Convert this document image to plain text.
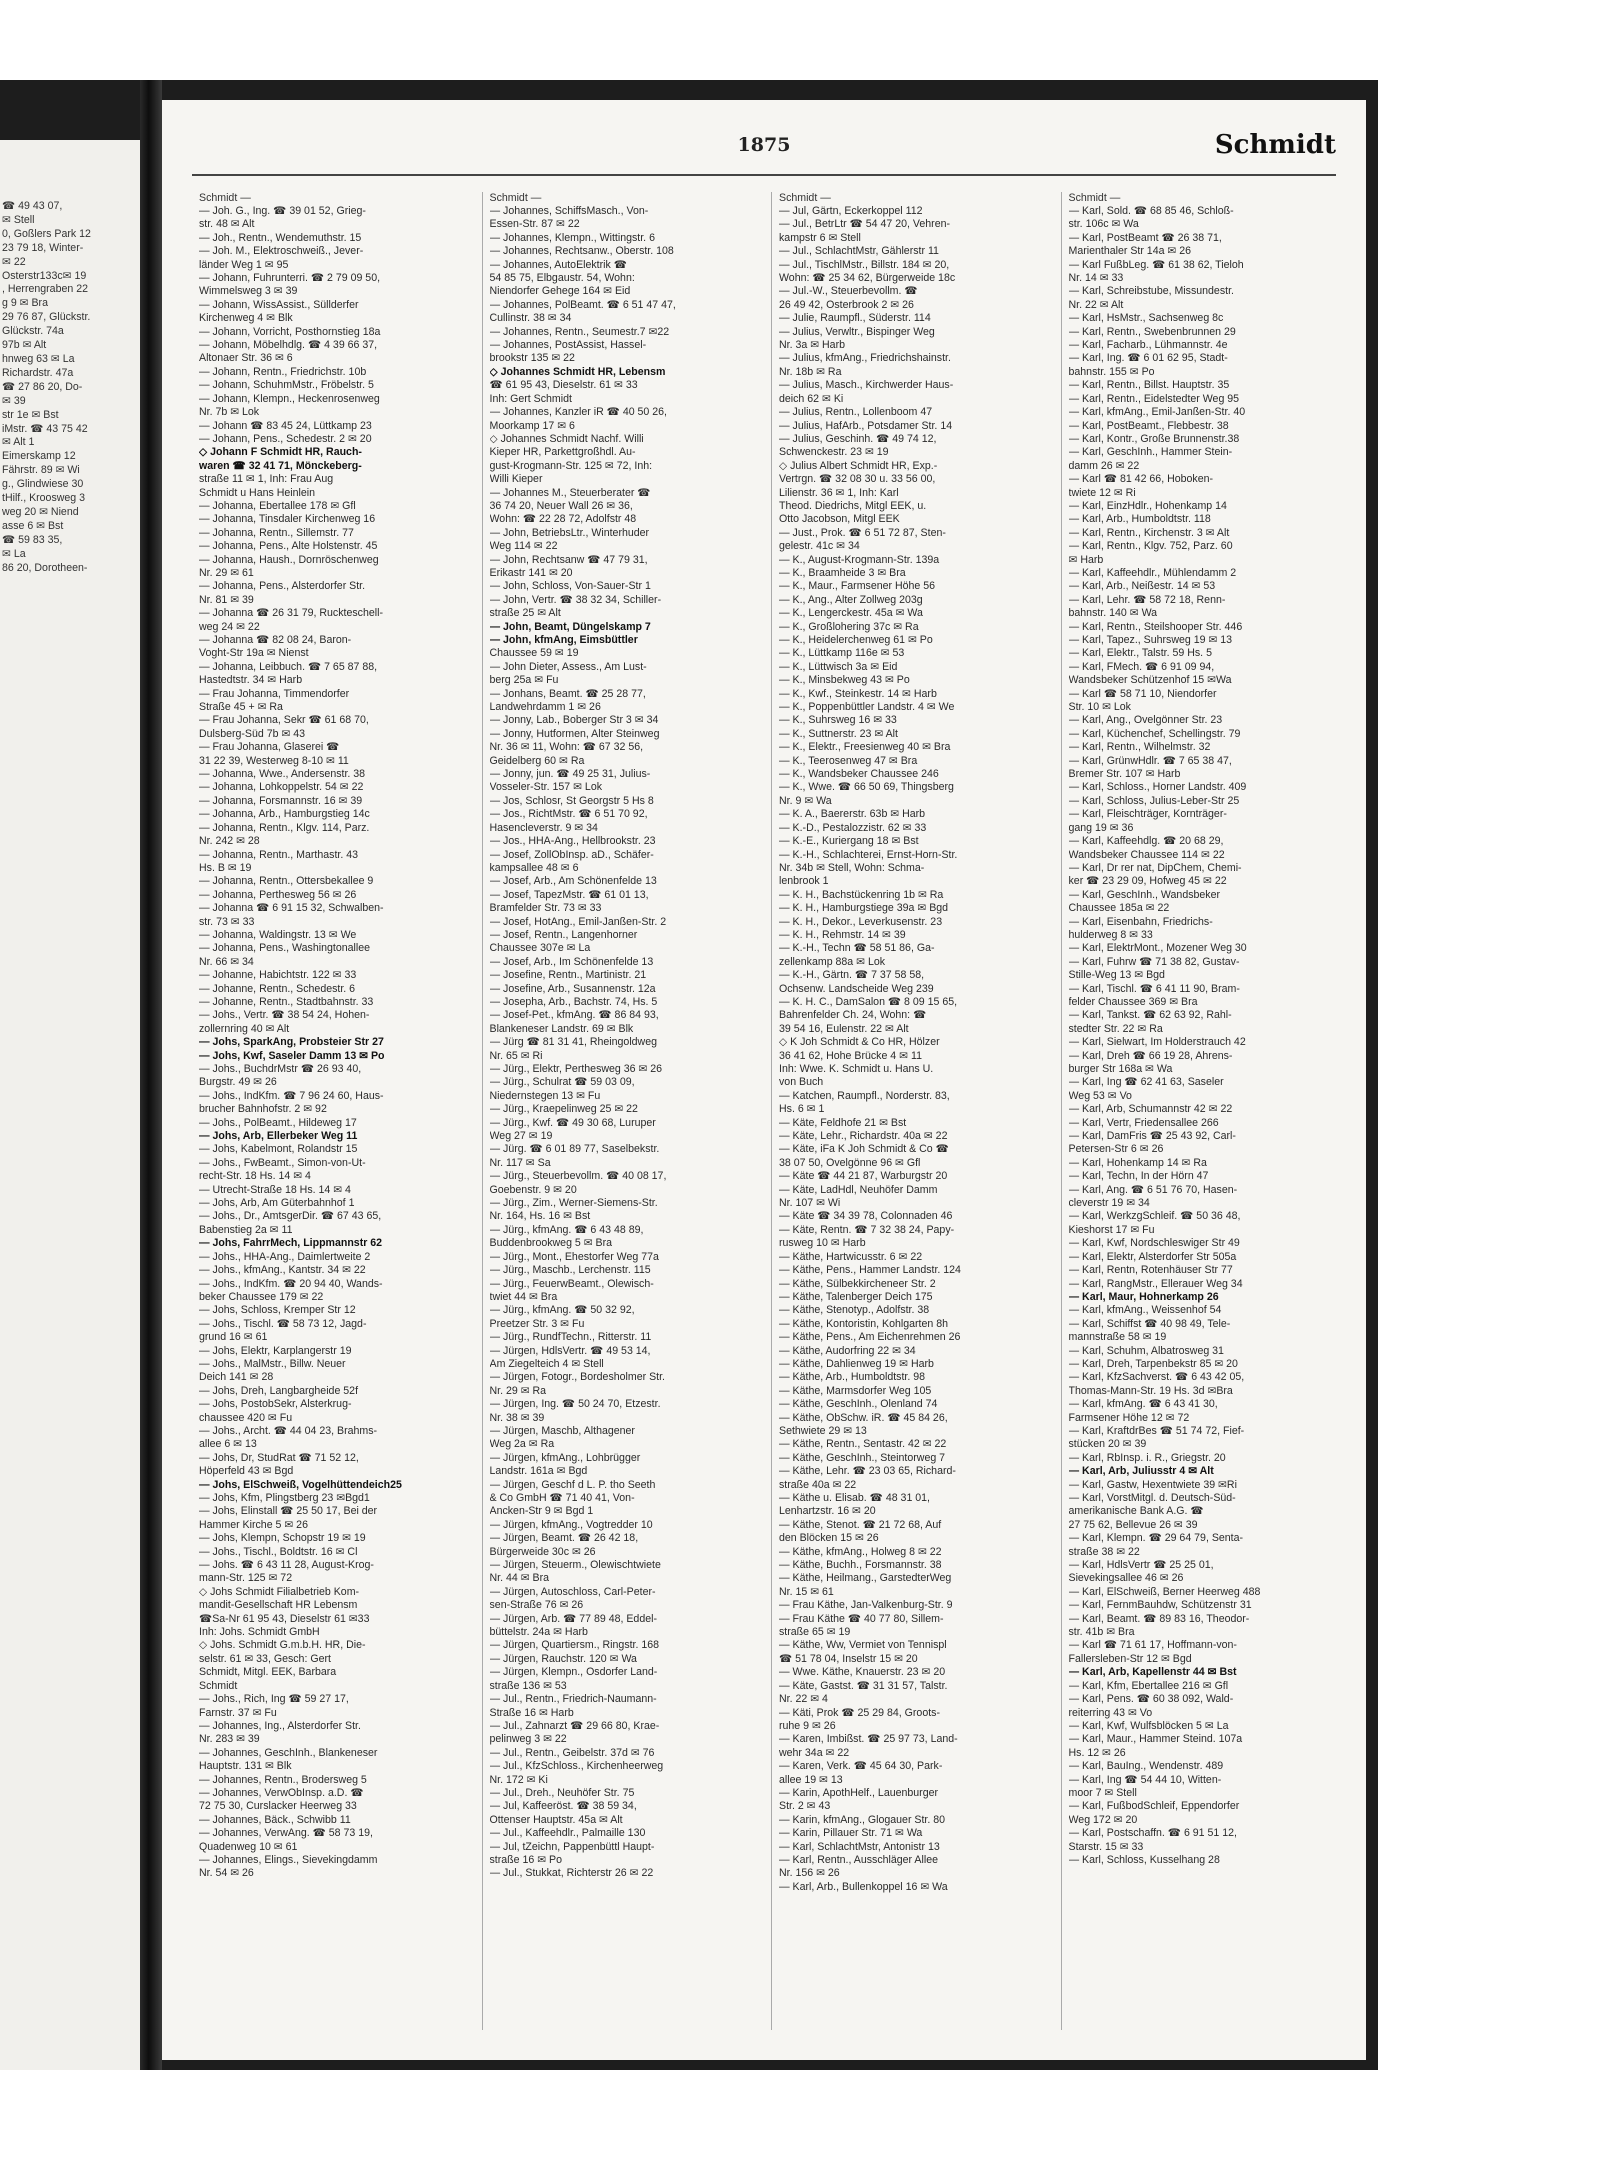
☎ 49 43 07,
✉ Stell
0, Goßlers Park 12
23 79 18, Winter-
✉ 22
Osterstr133c✉ 19
, Herrengraben 22
g 9 ✉ Bra
29 76 87, Glückstr.
Glückstr. 74a
97b ✉ Alt
hnweg 63 ✉ La
Richardstr. 47a
☎ 27 86 20, Do-
✉ 39
str 1e ✉ Bst
iMstr. ☎ 43 75 42
✉ Alt 1
Eimerskamp 12
Fährstr. 89 ✉ Wi
g., Glindwiese 30
tHilf., Kroosweg 3
weg 20 ✉ Niend
asse 6 ✉ Bst
☎ 59 83 35,
✉ La
86 20, Dorotheen-
1875	Schmidt
Schmidt —
— Joh. G., Ing. ☎ 39 01 52, Grieg-
str. 48 ✉ Alt
— Joh., Rentn., Wendemuthstr. 15
— Joh. M., Elektroschweiß., Jever-
länder Weg 1 ✉ 95
— Johann, Fuhrunterri. ☎ 2 79 09 50,
Wimmelsweg 3 ✉ 39
— Johann, WissAssist., Süllderfer
Kirchenweg 4 ✉ Blk
— Johann, Vorricht, Posthornstieg 18a
— Johann, Möbelhdlg. ☎ 4 39 66 37,
Altonaer Str. 36 ✉ 6
— Johann, Rentn., Friedrichstr. 10b
— Johann, SchuhmMstr., Fröbelstr. 5
— Johann, Klempn., Heckenrosenweg
Nr. 7b ✉ Lok
— Johann ☎ 83 45 24, Lüttkamp 23
— Johann, Pens., Schedestr. 2 ✉ 20
◇ Johann F Schmidt HR, Rauch-
waren ☎ 32 41 71, Mönckeberg-
straße 11 ✉ 1, Inh: Frau Aug
Schmidt u Hans Heinlein
— Johanna, Ebertallee 178 ✉ Gfl
— Johanna, Tinsdaler Kirchenweg 16
— Johanna, Rentn., Sillemstr. 77
— Johanna, Pens., Alte Holstenstr. 45
— Johanna, Haush., Dornröschenweg
Nr. 29 ✉ 61
— Johanna, Pens., Alsterdorfer Str.
Nr. 81 ✉ 39
— Johanna ☎ 26 31 79, Ruckteschell-
weg 24 ✉ 22
— Johanna ☎ 82 08 24, Baron-
Voght-Str 19a ✉ Nienst
— Johanna, Leibbuch. ☎ 7 65 87 88,
Hastedtstr. 34 ✉ Harb
— Frau Johanna, Timmendorfer
Straße 45 + ✉ Ra
— Frau Johanna, Sekr ☎ 61 68 70,
Dulsberg-Süd 7b ✉ 43
— Frau Johanna, Glaserei ☎
31 22 39, Westerweg 8-10 ✉ 11
— Johanna, Wwe., Andersenstr. 38
— Johanna, Lohkoppelstr. 54 ✉ 22
— Johanna, Forsmannstr. 16 ✉ 39
— Johanna, Arb., Hamburgstieg 14c
— Johanna, Rentn., Klgv. 114, Parz.
Nr. 242 ✉ 28
— Johanna, Rentn., Marthastr. 43
Hs. B ✉ 19
— Johanna, Rentn., Ottersbekallee 9
— Johanna, Perthesweg 56 ✉ 26
— Johanna ☎ 6 91 15 32, Schwalben-
str. 73 ✉ 33
— Johanna, Waldingstr. 13 ✉ We
— Johanna, Pens., Washingtonallee
Nr. 66 ✉ 34
— Johanne, Habichtstr. 122 ✉ 33
— Johanne, Rentn., Schedestr. 6
— Johanne, Rentn., Stadtbahnstr. 33
— Johs., Vertr. ☎ 38 54 24, Hohen-
zollernring 40 ✉ Alt
— Johs, SparkAng, Probsteier Str 27
— Johs, Kwf, Saseler Damm 13 ✉ Po
— Johs., BuchdrMstr ☎ 26 93 40,
Burgstr. 49 ✉ 26
— Johs., IndKfm. ☎ 7 96 24 60, Haus-
brucher Bahnhofstr. 2 ✉ 92
— Johs., PolBeamt., Hildeweg 17
— Johs, Arb, Ellerbeker Weg 11
— Johs, Kabelmont, Rolandstr 15
— Johs., FwBeamt., Simon-von-Ut-
recht-Str. 18 Hs. 14 ✉ 4
— Utrecht-Straße 18 Hs. 14 ✉ 4
— Johs, Arb, Am Güterbahnhof 1
— Johs., Dr., AmtsgerDir. ☎ 67 43 65,
Babenstieg 2a ✉ 11
— Johs, FahrrMech, Lippmannstr 62
— Johs., HHA-Ang., Daimlertweite 2
— Johs., kfmAng., Kantstr. 34 ✉ 22
— Johs., IndKfm. ☎ 20 94 40, Wands-
beker Chaussee 179 ✉ 22
— Johs, Schloss, Kremper Str 12
— Johs., Tischl. ☎ 58 73 12, Jagd-
grund 16 ✉ 61
— Johs, Elektr, Karplangerstr 19
— Johs., MalMstr., Billw. Neuer
Deich 141 ✉ 28
— Johs, Dreh, Langbargheide 52f
— Johs, PostobSekr, Alsterkrug-
chaussee 420 ✉ Fu
— Johs., Archt. ☎ 44 04 23, Brahms-
allee 6 ✉ 13
— Johs, Dr, StudRat ☎ 71 52 12,
Höperfeld 43 ✉ Bgd
— Johs, ElSchweiß, Vogelhüttendeich25
— Johs, Kfm, Plingstberg 23 ✉Bgd1
— Johs, Elinstall ☎ 25 50 17, Bei der
Hammer Kirche 5 ✉ 26
— Johs, Klempn, Schopstr 19 ✉ 19
— Johs., Tischl., Boldtstr. 16 ✉ Cl
— Johs. ☎ 6 43 11 28, August-Krog-
mann-Str. 125 ✉ 72
◇ Johs Schmidt Filialbetrieb Kom-
mandit-Gesellschaft HR Lebensm
☎Sa-Nr 61 95 43, Dieselstr 61 ✉33
Inh: Johs. Schmidt GmbH
◇ Johs. Schmidt G.m.b.H. HR, Die-
selstr. 61 ✉ 33, Gesch: Gert
Schmidt, Mitgl. EEK, Barbara
Schmidt
— Johs., Rich, Ing ☎ 59 27 17,
Farnstr. 37 ✉ Fu
— Johannes, Ing., Alsterdorfer Str.
Nr. 283 ✉ 39
— Johannes, GeschInh., Blankeneser
Hauptstr. 131 ✉ Blk
— Johannes, Rentn., Brodersweg 5
— Johannes, VerwObInsp. a.D. ☎
72 75 30, Curslacker Heerweg 33
— Johannes, Bäck., Schwibb 11
— Johannes, VerwAng. ☎ 58 73 19,
Quadenweg 10 ✉ 61
— Johannes, Elings., Sievekingdamm
Nr. 54 ✉ 26
Schmidt —
— Johannes, SchiffsMasch., Von-
Essen-Str. 87 ✉ 22
— Johannes, Klempn., Wittingstr. 6
— Johannes, Rechtsanw., Oberstr. 108
— Johannes, AutoElektrik ☎
54 85 75, Elbgaustr. 54, Wohn:
Niendorfer Gehege 164 ✉ Eid
— Johannes, PolBeamt. ☎ 6 51 47 47,
Cullinstr. 38 ✉ 34
— Johannes, Rentn., Seumestr.7 ✉22
— Johannes, PostAssist, Hassel-
brookstr 135 ✉ 22
◇ Johannes Schmidt HR, Lebensm
☎ 61 95 43, Dieselstr. 61 ✉ 33
Inh: Gert Schmidt
— Johannes, Kanzler iR ☎ 40 50 26,
Moorkamp 17 ✉ 6
◇ Johannes Schmidt Nachf. Willi
Kieper HR, Parkettgroßhdl. Au-
gust-Krogmann-Str. 125 ✉ 72, Inh:
Willi Kieper
— Johannes M., Steuerberater ☎
36 74 20, Neuer Wall 26 ✉ 36,
Wohn: ☎ 22 28 72, Adolfstr 48
— John, BetriebsLtr., Winterhuder
Weg 114 ✉ 22
— John, Rechtsanw ☎ 47 79 31,
Erikastr 141 ✉ 20
— John, Schloss, Von-Sauer-Str 1
— John, Vertr. ☎ 38 32 34, Schiller-
straße 25 ✉ Alt
— John, Beamt, Düngelskamp 7
— John, kfmAng, Eimsbüttler
Chaussee 59 ✉ 19
— John Dieter, Assess., Am Lust-
berg 25a ✉ Fu
— Jonhans, Beamt. ☎ 25 28 77,
Landwehrdamm 1 ✉ 26
— Jonny, Lab., Boberger Str 3 ✉ 34
— Jonny, Hutformen, Alter Steinweg
Nr. 36 ✉ 11, Wohn: ☎ 67 32 56,
Geidelberg 60 ✉ Ra
— Jonny, jun. ☎ 49 25 31, Julius-
Vosseler-Str. 157 ✉ Lok
— Jos, Schlosr, St Georgstr 5 Hs 8
— Jos., RichtMstr. ☎ 6 51 70 92,
Hasencleverstr. 9 ✉ 34
— Jos., HHA-Ang., Hellbrookstr. 23
— Josef, ZollObInsp. aD., Schäfer-
kampsallee 48 ✉ 6
— Josef, Arb., Am Schönenfelde 13
— Josef, TapezMstr. ☎ 61 01 13,
Bramfelder Str. 73 ✉ 33
— Josef, HotAng., Emil-Janßen-Str. 2
— Josef, Rentn., Langenhorner
Chaussee 307e ✉ La
— Josef, Arb., Im Schönenfelde 13
— Josefine, Rentn., Martinistr. 21
— Josefine, Arb., Susannenstr. 12a
— Josepha, Arb., Bachstr. 74, Hs. 5
— Josef-Pet., kfmAng. ☎ 86 84 93,
Blankeneser Landstr. 69 ✉ Blk
— Jürg ☎ 81 31 41, Rheingoldweg
Nr. 65 ✉ Ri
— Jürg., Elektr, Perthesweg 36 ✉ 26
— Jürg., Schulrat ☎ 59 03 09,
Niedernstegen 13 ✉ Fu
— Jürg., Kraepelinweg 25 ✉ 22
— Jürg., Kwf. ☎ 49 30 68, Luruper
Weg 27 ✉ 19
— Jürg. ☎ 6 01 89 77, Saselbekstr.
Nr. 117 ✉ Sa
— Jürg., Steuerbevollm. ☎ 40 08 17,
Goebenstr. 9 ✉ 20
— Jürg., Zim., Werner-Siemens-Str.
Nr. 164, Hs. 16 ✉ Bst
— Jürg., kfmAng. ☎ 6 43 48 89,
Buddenbrookweg 5 ✉ Bra
— Jürg., Mont., Ehestorfer Weg 77a
— Jürg., Maschb., Lerchenstr. 115
— Jürg., FeuerwBeamt., Olewisch-
twiet 44 ✉ Bra
— Jürg., kfmAng. ☎ 50 32 92,
Preetzer Str. 3 ✉ Fu
— Jürg., RundfTechn., Ritterstr. 11
— Jürgen, HdlsVertr. ☎ 49 53 14,
Am Ziegelteich 4 ✉ Stell
— Jürgen, Fotogr., Bordesholmer Str.
Nr. 29 ✉ Ra
— Jürgen, Ing. ☎ 50 24 70, Etzestr.
Nr. 38 ✉ 39
— Jürgen, Maschb, Althagener
Weg 2a ✉ Ra
— Jürgen, kfmAng., Lohbrügger
Landstr. 161a ✉ Bgd
— Jürgen, Geschf d L. P. tho Seeth
& Co GmbH ☎ 71 40 41, Von-
Ancken-Str 9 ✉ Bgd 1
— Jürgen, kfmAng., Vogtredder 10
— Jürgen, Beamt. ☎ 26 42 18,
Bürgerweide 30c ✉ 26
— Jürgen, Steuerm., Olewischtwiete
Nr. 44 ✉ Bra
— Jürgen, Autoschloss, Carl-Peter-
sen-Straße 76 ✉ 26
— Jürgen, Arb. ☎ 77 89 48, Eddel-
büttelstr. 24a ✉ Harb
— Jürgen, Quartiersm., Ringstr. 168
— Jürgen, Rauchstr. 120 ✉ Wa
— Jürgen, Klempn., Osdorfer Land-
straße 136 ✉ 53
— Jul., Rentn., Friedrich-Naumann-
Straße 16 ✉ Harb
— Jul., Zahnarzt ☎ 29 66 80, Krae-
pelinweg 3 ✉ 22
— Jul., Rentn., Geibelstr. 37d ✉ 76
— Jul., KfzSchloss., Kirchenheerweg
Nr. 172 ✉ Ki
— Jul., Dreh., Neuhöfer Str. 75
— Jul, Kaffeeröst. ☎ 38 59 34,
Ottenser Hauptstr. 45a ✉ Alt
— Jul., Kaffeehdlr., Palmaille 130
— Jul, tZeichn, Pappenbüttl Haupt-
straße 16 ✉ Po
— Jul., Stukkat, Richterstr 26 ✉ 22
Schmidt —
— Jul, Gärtn, Eckerkoppel 112
— Jul., BetrLtr ☎ 54 47 20, Vehren-
kampstr 6 ✉ Stell
— Jul., SchlachtMstr, Gählerstr 11
— Jul., TischlMstr., Billstr. 184 ✉ 20,
Wohn: ☎ 25 34 62, Bürgerweide 18c
— Jul.-W., Steuerbevollm. ☎
26 49 42, Osterbrook 2 ✉ 26
— Julie, Raumpfl., Süderstr. 114
— Julius, Verwltr., Bispinger Weg
Nr. 3a ✉ Harb
— Julius, kfmAng., Friedrichshainstr.
Nr. 18b ✉ Ra
— Julius, Masch., Kirchwerder Haus-
deich 62 ✉ Ki
— Julius, Rentn., Lollenboom 47
— Julius, HafArb., Potsdamer Str. 14
— Julius, Geschinh. ☎ 49 74 12,
Schwenckestr. 23 ✉ 19
◇ Julius Albert Schmidt HR, Exp.-
Vertrgn. ☎ 32 08 30 u. 33 56 00,
Lilienstr. 36 ✉ 1, Inh: Karl
Theod. Diedrichs, Mitgl EEK, u.
Otto Jacobson, Mitgl EEK
— Just., Prok. ☎ 6 51 72 87, Sten-
gelestr. 41c ✉ 34
— K., August-Krogmann-Str. 139a
— K., Braamheide 3 ✉ Bra
— K., Maur., Farmsener Höhe 56
— K., Ang., Alter Zollweg 203g
— K., Lengerckestr. 45a ✉ Wa
— K., Großlohering 37c ✉ Ra
— K., Heidelerchenweg 61 ✉ Po
— K., Lüttkamp 116e ✉ 53
— K., Lüttwisch 3a ✉ Eid
— K., Minsbekweg 43 ✉ Po
— K., Kwf., Steinkestr. 14 ✉ Harb
— K., Poppenbüttler Landstr. 4 ✉ We
— K., Suhrsweg 16 ✉ 33
— K., Suttnerstr. 23 ✉ Alt
— K., Elektr., Freesienweg 40 ✉ Bra
— K., Teerosenweg 47 ✉ Bra
— K., Wandsbeker Chaussee 246
— K., Wwe. ☎ 66 50 69, Thingsberg
Nr. 9 ✉ Wa
— K. A., Baererstr. 63b ✉ Harb
— K.-D., Pestalozzistr. 62 ✉ 33
— K.-E., Kuriergang 18 ✉ Bst
— K.-H., Schlachterei, Ernst-Horn-Str.
Nr. 34b ✉ Stell, Wohn: Schma-
lenbrook 1
— K. H., Bachstückenring 1b ✉ Ra
— K. H., Hamburgstiege 39a ✉ Bgd
— K. H., Dekor., Leverkusenstr. 23
— K. H., Rehmstr. 14 ✉ 39
— K.-H., Techn ☎ 58 51 86, Ga-
zellenkamp 88a ✉ Lok
— K.-H., Gärtn. ☎ 7 37 58 58,
Ochsenw. Landscheide Weg 239
— K. H. C., DamSalon ☎ 8 09 15 65,
Bahrenfelder Ch. 24, Wohn: ☎
39 54 16, Eulenstr. 22 ✉ Alt
◇ K Joh Schmidt & Co HR, Hölzer
36 41 62, Hohe Brücke 4 ✉ 11
Inh: Wwe. K. Schmidt u. Hans U.
von Buch
— Katchen, Raumpfl., Norderstr. 83,
Hs. 6 ✉ 1
— Käte, Feldhofe 21 ✉ Bst
— Käte, Lehr., Richardstr. 40a ✉ 22
— Käte, iFa K Joh Schmidt & Co ☎
38 07 50, Ovelgönne 96 ✉ Gfl
— Käte ☎ 44 21 87, Warburgstr 20
— Käte, LadHdl, Neuhöfer Damm
Nr. 107 ✉ Wi
— Käte ☎ 34 39 78, Colonnaden 46
— Käte, Rentn. ☎ 7 32 38 24, Papy-
rusweg 10 ✉ Harb
— Käthe, Hartwicusstr. 6 ✉ 22
— Käthe, Pens., Hammer Landstr. 124
— Käthe, Sülbekkircheneer Str. 2
— Käthe, Talenberger Deich 175
— Käthe, Stenotyp., Adolfstr. 38
— Käthe, Kontoristin, Kohlgarten 8h
— Käthe, Pens., Am Eichenrehmen 26
— Käthe, Audorfring 22 ✉ 34
— Käthe, Dahlienweg 19 ✉ Harb
— Käthe, Arb., Humboldtstr. 98
— Käthe, Marmsdorfer Weg 105
— Käthe, GeschInh., Olenland 74
— Käthe, ObSchw. iR. ☎ 45 84 26,
Sethwiete 29 ✉ 13
— Käthe, Rentn., Sentastr. 42 ✉ 22
— Käthe, GeschInh., Steintorweg 7
— Käthe, Lehr. ☎ 23 03 65, Richard-
straße 40a ✉ 22
— Käthe u. Elisab. ☎ 48 31 01,
Lenhartzstr. 16 ✉ 20
— Käthe, Stenot. ☎ 21 72 68, Auf
den Blöcken 15 ✉ 26
— Käthe, kfmAng., Holweg 8 ✉ 22
— Käthe, Buchh., Forsmannstr. 38
— Käthe, Heilmang., GarstedterWeg
Nr. 15 ✉ 61
— Frau Käthe, Jan-Valkenburg-Str. 9
— Frau Käthe ☎ 40 77 80, Sillem-
straße 65 ✉ 19
— Käthe, Ww, Vermiet von Tennispl
☎ 51 78 04, Inselstr 15 ✉ 20
— Wwe. Käthe, Knauerstr. 23 ✉ 20
— Käte, Gastst. ☎ 31 31 57, Talstr.
Nr. 22 ✉ 4
— Käti, Prok ☎ 25 29 84, Groots-
ruhe 9 ✉ 26
— Karen, Imbißst. ☎ 25 97 73, Land-
wehr 34a ✉ 22
— Karen, Verk. ☎ 45 64 30, Park-
allee 19 ✉ 13
— Karin, ApothHelf., Lauenburger
Str. 2 ✉ 43
— Karin, kfmAng., Glogauer Str. 80
— Karin, Pillauer Str. 71 ✉ Wa
— Karl, SchlachtMstr, Antonistr 13
— Karl, Rentn., Ausschläger Allee
Nr. 156 ✉ 26
— Karl, Arb., Bullenkoppel 16 ✉ Wa
Schmidt —
— Karl, Sold. ☎ 68 85 46, Schloß-
str. 106c ✉ Wa
— Karl, PostBeamt ☎ 26 38 71,
Marienthaler Str 14a ✉ 26
— Karl FußbLeg. ☎ 61 38 62, Tieloh
Nr. 14 ✉ 33
— Karl, Schreibstube, Missundestr.
Nr. 22 ✉ Alt
— Karl, HsMstr., Sachsenweg 8c
— Karl, Rentn., Swebenbrunnen 29
— Karl, Facharb., Lühmannstr. 4e
— Karl, Ing. ☎ 6 01 62 95, Stadt-
bahnstr. 155 ✉ Po
— Karl, Rentn., Billst. Hauptstr. 35
— Karl, Rentn., Eidelstedter Weg 95
— Karl, kfmAng., Emil-Janßen-Str. 40
— Karl, PostBeamt., Flebbestr. 38
— Karl, Kontr., Große Brunnenstr.38
— Karl, GeschInh., Hammer Stein-
damm 26 ✉ 22
— Karl ☎ 81 42 66, Hoboken-
twiete 12 ✉ Ri
— Karl, EinzHdlr., Hohenkamp 14
— Karl, Arb., Humboldtstr. 118
— Karl, Rentn., Kirchenstr. 3 ✉ Alt
— Karl, Rentn., Klgv. 752, Parz. 60
✉ Harb
— Karl, Kaffeehdlr., Mühlendamm 2
— Karl, Arb., Neißestr. 14 ✉ 53
— Karl, Lehr. ☎ 58 72 18, Renn-
bahnstr. 140 ✉ Wa
— Karl, Rentn., Steilshooper Str. 446
— Karl, Tapez., Suhrsweg 19 ✉ 13
— Karl, Elektr., Talstr. 59 Hs. 5
— Karl, FMech. ☎ 6 91 09 94,
Wandsbeker Schützenhof 15 ✉Wa
— Karl ☎ 58 71 10, Niendorfer
Str. 10 ✉ Lok
— Karl, Ang., Ovelgönner Str. 23
— Karl, Küchenchef, Schellingstr. 79
— Karl, Rentn., Wilhelmstr. 32
— Karl, GrünwHdlr. ☎ 7 65 38 47,
Bremer Str. 107 ✉ Harb
— Karl, Schloss., Horner Landstr. 409
— Karl, Schloss, Julius-Leber-Str 25
— Karl, Fleischträger, Kornträger-
gang 19 ✉ 36
— Karl, Kaffeehdlg. ☎ 20 68 29,
Wandsbeker Chaussee 114 ✉ 22
— Karl, Dr rer nat, DipChem, Chemi-
ker ☎ 23 29 09, Hofweg 45 ✉ 22
— Karl, GeschInh., Wandsbeker
Chaussee 185a ✉ 22
— Karl, Eisenbahn, Friedrichs-
hulderweg 8 ✉ 33
— Karl, ElektrMont., Mozener Weg 30
— Karl, Fuhrw ☎ 71 38 82, Gustav-
Stille-Weg 13 ✉ Bgd
— Karl, Tischl. ☎ 6 41 11 90, Bram-
felder Chaussee 369 ✉ Bra
— Karl, Tankst. ☎ 62 63 92, Rahl-
stedter Str. 22 ✉ Ra
— Karl, Sielwart, Im Holderstrauch 42
— Karl, Dreh ☎ 66 19 28, Ahrens-
burger Str 168a ✉ Wa
— Karl, Ing ☎ 62 41 63, Saseler
Weg 53 ✉ Vo
— Karl, Arb, Schumannstr 42 ✉ 22
— Karl, Vertr, Friedensallee 266
— Karl, DamFris ☎ 25 43 92, Carl-
Petersen-Str 6 ✉ 26
— Karl, Hohenkamp 14 ✉ Ra
— Karl, Techn, In der Hörn 47
— Karl, Ang. ☎ 6 51 76 70, Hasen-
cleverstr 19 ✉ 34
— Karl, WerkzgSchleif. ☎ 50 36 48,
Kieshorst 17 ✉ Fu
— Karl, Kwf, Nordschleswiger Str 49
— Karl, Elektr, Alsterdorfer Str 505a
— Karl, Rentn, Rotenhäuser Str 77
— Karl, RangMstr., Ellerauer Weg 34
— Karl, Maur, Hohnerkamp 26
— Karl, kfmAng., Weissenhof 54
— Karl, Schiffst ☎ 40 98 49, Tele-
mannstraße 58 ✉ 19
— Karl, Schuhm, Albatrosweg 31
— Karl, Dreh, Tarpenbekstr 85 ✉ 20
— Karl, KfzSachverst. ☎ 6 43 42 05,
Thomas-Mann-Str. 19 Hs. 3d ✉Bra
— Karl, kfmAng. ☎ 6 43 41 30,
Farmsener Höhe 12 ✉ 72
— Karl, KraftdrBes ☎ 51 74 72, Fief-
stücken 20 ✉ 39
— Karl, RbInsp. i. R., Griegstr. 20
— Karl, Arb, Juliusstr 4 ✉ Alt
— Karl, Gastw, Hexentwiete 39 ✉Ri
— Karl, VorstMitgl. d. Deutsch-Süd-
amerikanische Bank A.G. ☎
27 75 62, Bellevue 26 ✉ 39
— Karl, Klempn. ☎ 29 64 79, Senta-
straße 38 ✉ 22
— Karl, HdlsVertr ☎ 25 25 01,
Sievekingsallee 46 ✉ 26
— Karl, ElSchweiß, Berner Heerweg 488
— Karl, FernmBauhdw, Schützenstr 31
— Karl, Beamt. ☎ 89 83 16, Theodor-
str. 41b ✉ Bra
— Karl ☎ 71 61 17, Hoffmann-von-
Fallersleben-Str 12 ✉ Bgd
— Karl, Arb, Kapellenstr 44 ✉ Bst
— Karl, Kfm, Ebertallee 216 ✉ Gfl
— Karl, Pens. ☎ 60 38 092, Wald-
reiterring 43 ✉ Vo
— Karl, Kwf, Wulfsblöcken 5 ✉ La
— Karl, Maur., Hammer Steind. 107a
Hs. 12 ✉ 26
— Karl, BauIng., Wendenstr. 489
— Karl, Ing ☎ 54 44 10, Witten-
moor 7 ✉ Stell
— Karl, FußbodSchleif, Eppendorfer
Weg 172 ✉ 20
— Karl, Postschaffn. ☎ 6 91 51 12,
Starstr. 15 ✉ 33
— Karl, Schloss, Kusselhang 28
